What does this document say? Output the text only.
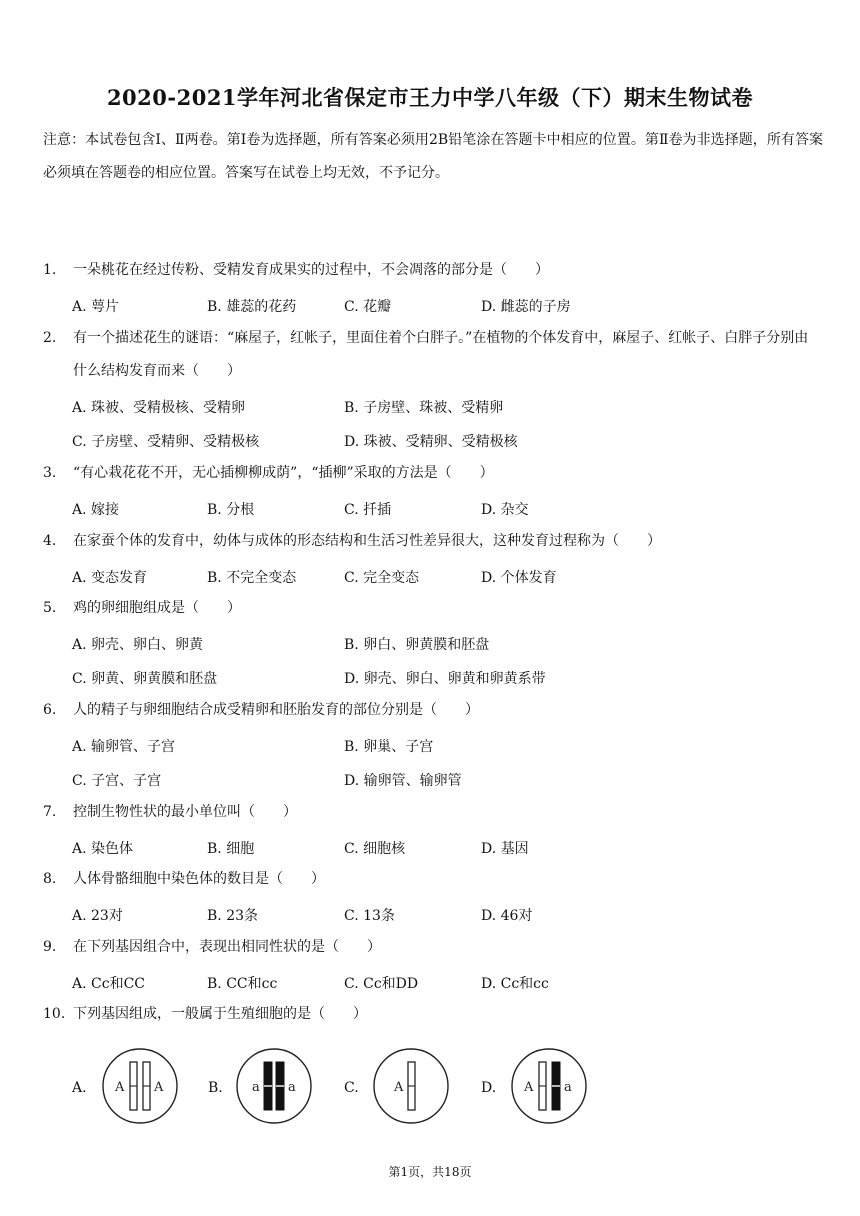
2020-2021学年河北省保定市王力中学八年级（下）期末生物试卷
注意：本试卷包含Ⅰ、Ⅱ两卷。第Ⅰ卷为选择题，所有答案必须用2B铅笔涂在答题卡中相应的位置。第Ⅱ卷为非选择题，所有答案必须填在答题卷的相应位置。答案写在试卷上均无效，不予记分。
1. 一朵桃花在经过传粉、受精发育成果实的过程中，不会凋落的部分是（　　）
A. 萼片	B. 雄蕊的花药	C. 花瓣	D. 雌蕊的子房
2. 有一个描述花生的谜语：“麻屋子，红帐子，里面住着个白胖子。”在植物的个体发育中，麻屋子、红帐子、白胖子分别由什么结构发育而来（　　）
A. 珠被、受精极核、受精卵	B. 子房壁、珠被、受精卵
C. 子房壁、受精卵、受精极核	D. 珠被、受精卵、受精极核
3. “有心栽花花不开，无心插柳柳成荫”，“插柳”采取的方法是（　　）
A. 嫁接	B. 分根	C. 扦插	D. 杂交
4. 在家蚕个体的发育中，幼体与成体的形态结构和生活习性差异很大，这种发育过程称为（　　）
A. 变态发育	B. 不完全变态	C. 完全变态	D. 个体发育
5. 鸡的卵细胞组成是（　　）
A. 卵壳、卵白、卵黄	B. 卵白、卵黄膜和胚盘
C. 卵黄、卵黄膜和胚盘	D. 卵壳、卵白、卵黄和卵黄系带
6. 人的精子与卵细胞结合成受精卵和胚胎发育的部位分别是（　　）
A. 输卵管、子宫	B. 卵巢、子宫
C. 子宫、子宫	D. 输卵管、输卵管
7. 控制生物性状的最小单位叫（　　）
A. 染色体	B. 细胞	C. 细胞核	D. 基因
8. 人体骨骼细胞中染色体的数目是（　　）
A. 23对	B. 23条	C. 13条	D. 46对
9. 在下列基因组合中，表现出相同性状的是（　　）
A. Cc和CC	B. CC和cc	C. Cc和DD	D. Cc和cc
10. 下列基因组成，一般属于生殖细胞的是（　　）
A. A A	B. a a	C.	A	D. A a
第1页，共18页
